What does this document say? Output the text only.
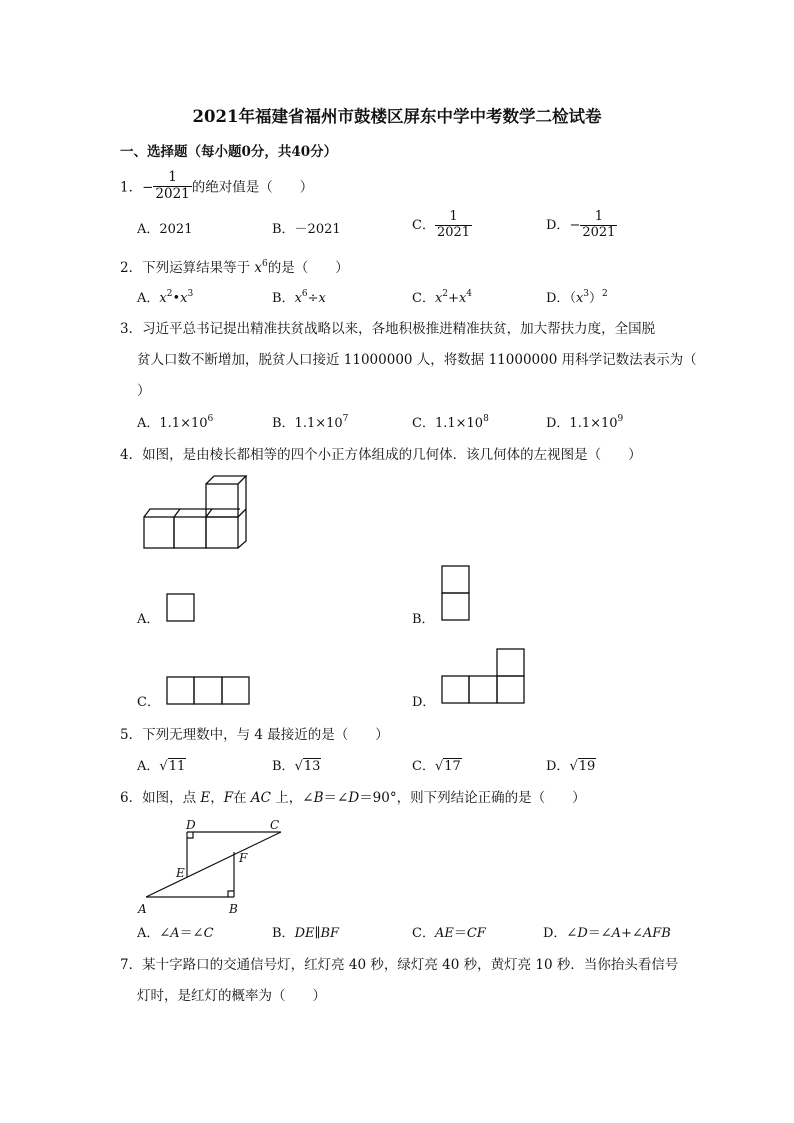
2021年福建省福州市鼓楼区屏东中学中考数学二检试卷
一、选择题（每小题0分，共40分）
1．− $\frac{1}{2021}$ 的绝对值是（　　）
A．2021	B．－2021	C． $\frac{1}{2021}$	D．− $\frac{1}{2021}$
2．下列运算结果等于 $x^6$的是（　　）
A．$x^2•x^3$	B．$x^6\div x$	C．$x^2+x^4$	D．$(x^3)^2$
3．习近平总书记提出精准扶贫战略以来，各地积极推进精准扶贫，加大帮扶力度，全国脱
贫人口数不断增加，脱贫人口接近 11000000 人，将数据 11000000 用科学记数法表示为（
）
A．$1.1\times 10^6$	B．$1.1\times 10^7$	C．$1.1\times 10^8$	D．$1.1\times 10^9$
4．如图，是由棱长都相等的四个小正方体组成的几何体．该几何体的左视图是（　　）
A．	B．
C．	D．
5．下列无理数中，与 4 最接近的是（　　）
A．√11	B．√13	C．√17	D．√19
6．如图，点 E，F在 AC 上，∠B＝∠D＝90°，则下列结论正确的是（　　）
A	B
C
D
E
F
A．∠A＝∠C	B．DE∥BF	C．AE＝CF	D．∠D＝∠A+∠AFB
7．某十字路口的交通信号灯，红灯亮 40 秒，绿灯亮 40 秒，黄灯亮 10 秒．当你抬头看信号
灯时，是红灯的概率为（　　）
